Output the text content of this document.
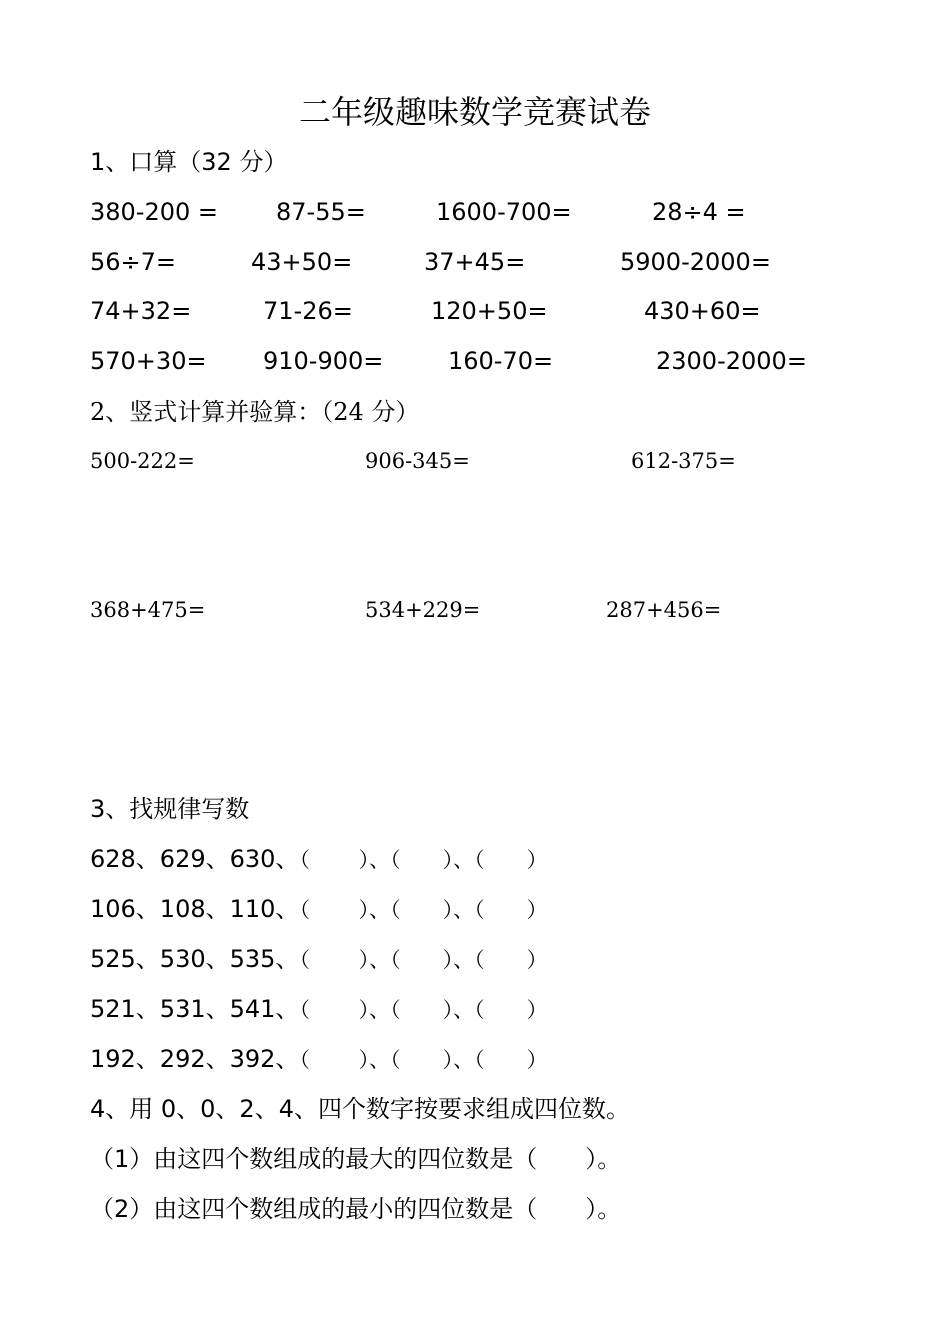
二年级趣味数学竞赛试卷
1、口算（32 分）
380-200 = 87-55=	1600-700=	28÷4 =
56÷7=	43+50=	37+45=	5900-2000=
74+32=	71-26=	120+50=	430+60=
570+30= 910-900=	160-70=	2300-2000=
2、竖式计算并验算：（24 分）
500-222=	906-345=	612-375=
368+475=	534+229=	287+456=
3、找规律写数
628、629、630、（　　 ）、（　　）、（　　）
106、108、110、（　　 ）、（　　）、（　　）
525、530、535、（　　 ）、（　　）、（　　）
521、531、541、（　　 ）、（　　）、（　　）
192、292、392、（　　 ）、（　　）、（　　）
4、用 0、0、2、4、四个数字按要求组成四位数。
（1）由这四个数组成的最大的四位数是（　　）。
（2）由这四个数组成的最小的四位数是（　　）。
